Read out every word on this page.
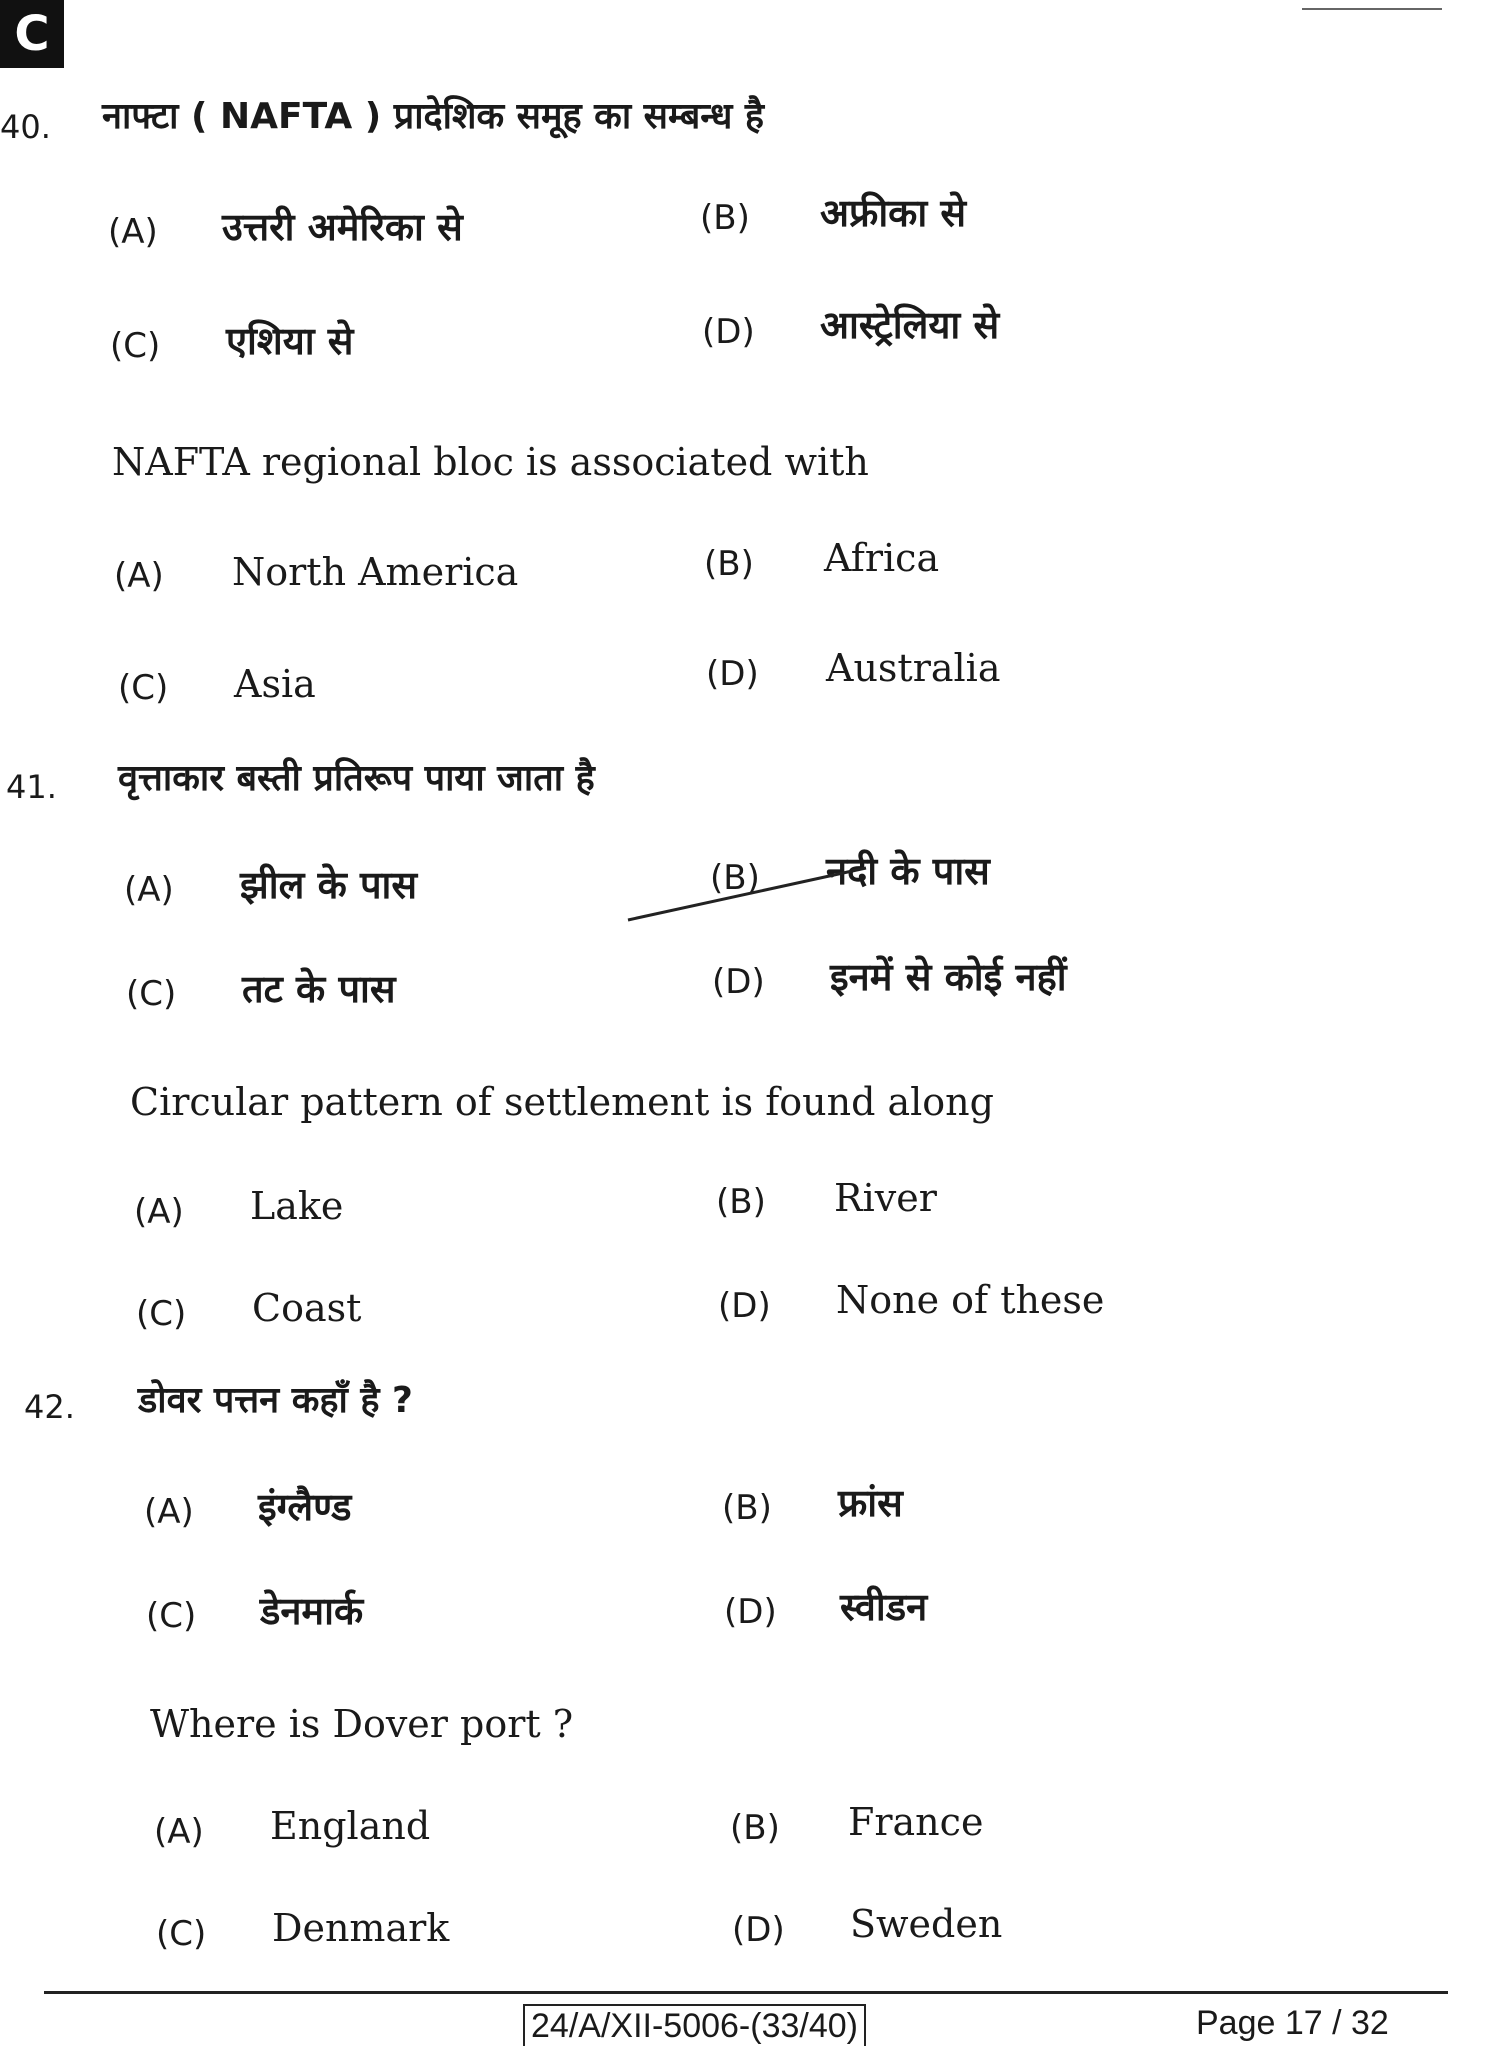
C
40. नाफ्टा ( NAFTA ) प्रादेशिक समूह का सम्बन्ध है
(A) उत्तरी अमेरिका से	(B) अफ्रीका से
(C) एशिया से	(D) आस्ट्रेलिया से
NAFTA regional bloc is associated with
(A) North America	(B) Africa
(C) Asia	(D) Australia
41. वृत्ताकार बस्ती प्रतिरूप पाया जाता है
(A) झील के पास	(B) नदी के पास
(C) तट के पास	(D) इनमें से कोई नहीं
Circular pattern of settlement is found along
(A) Lake	(B) River
(C) Coast	(D) None of these
42. डोवर पत्तन कहाँ है ?
(A) इंग्लैण्ड	(B) फ्रांस
(C) डेनमार्क	(D) स्वीडन
Where is Dover port ?
(A) England	(B) France
(C) Denmark	(D) Sweden
24/A/XII-5006-(33/40)	Page 17 / 32
